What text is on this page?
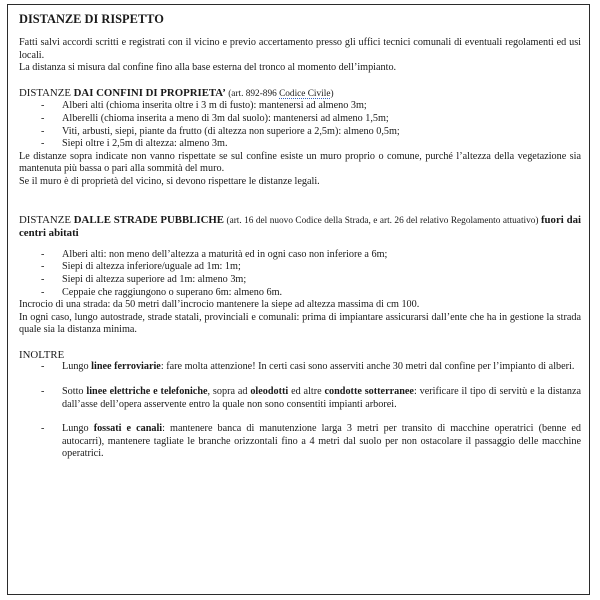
DISTANZE DI RISPETTO

Fatti salvi accordi scritti e registrati con il vicino e previo accertamento presso gli uffici tecnici comunali di eventuali regolamenti ed usi locali.
La distanza si misura dal confine fino alla base esterna del tronco al momento dell’impianto.

DISTANZE DAI CONFINI DI PROPRIETA’ (art. 892-896 Codice Civile)

- Alberi alti (chioma inserita oltre i 3 m di fusto): mantenersi ad almeno 3m;
- Alberelli (chioma inserita a meno di 3m dal suolo): mantenersi ad almeno 1,5m;
- Viti, arbusti, siepi, piante da frutto (di altezza non superiore a 2,5m): almeno 0,5m;
- Siepi oltre i 2,5m di altezza: almeno 3m.

Le distanze sopra indicate non vanno rispettate se sul confine esiste un muro proprio o comune, purché l’altezza della vegetazione sia mantenuta più bassa o pari alla sommità del muro.
Se il muro è di proprietà del vicino, si devono rispettare le distanze legali.

DISTANZE DALLE STRADE PUBBLICHE (art. 16 del nuovo Codice della Strada, e art. 26 del relativo Regolamento attuativo) fuori dai centri abitati

- Alberi alti: non meno dell’altezza a maturità ed in ogni caso non inferiore a 6m;
- Siepi di altezza inferiore/uguale ad 1m: 1m;
- Siepi di altezza superiore ad 1m: almeno 3m;
- Ceppaie che raggiungono o superano 6m: almeno 6m.

Incrocio di una strada: da 50 metri dall’incrocio mantenere la siepe ad altezza massima di cm 100.
In ogni caso, lungo autostrade, strade statali, provinciali e comunali: prima di impiantare assicurarsi dall’ente che ha in gestione la strada quale sia la distanza minima.

INOLTRE

- Lungo linee ferroviarie: fare molta attenzione! In certi casi sono asserviti anche 30 metri dal confine per l’impianto di alberi.

- Sotto linee elettriche e telefoniche, sopra ad oleodotti ed altre condotte sotterranee: verificare il tipo di servitù e la distanza dall’asse dell’opera asservente entro la quale non sono consentiti impianti arborei.

- Lungo fossati e canali: mantenere banca di manutenzione larga 3 metri per transito di macchine operatrici (benne ed autocarri), mantenere tagliate le branche orizzontali fino a 4 metri dal suolo per non ostacolare il passaggio delle macchine operatrici.
